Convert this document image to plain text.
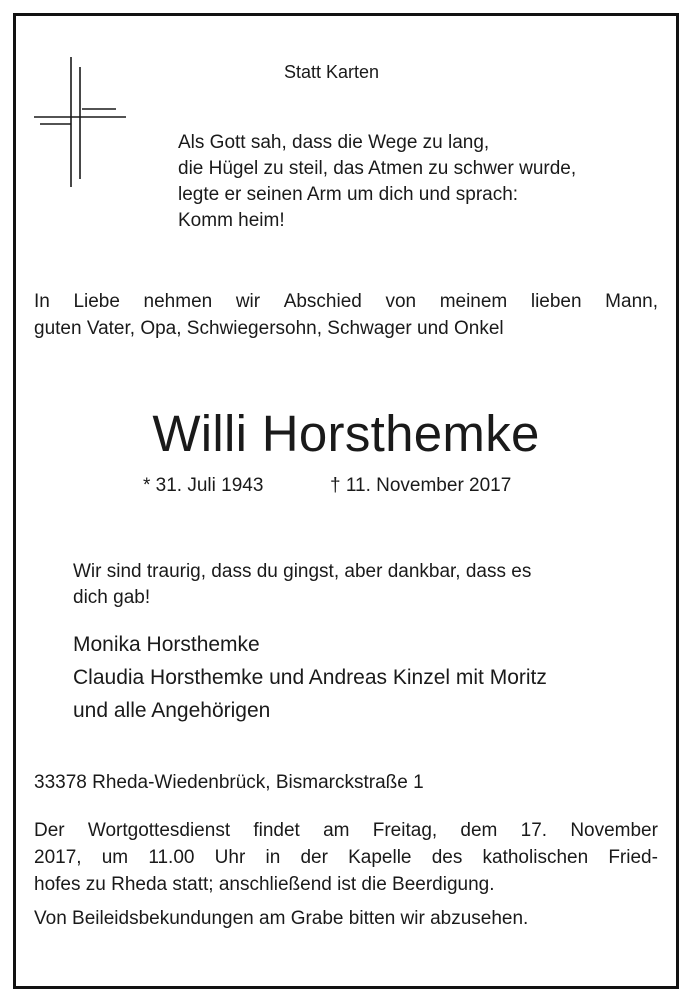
Statt Karten
Als Gott sah, dass die Wege zu lang,
die Hügel zu steil, das Atmen zu schwer wurde,
legte er seinen Arm um dich und sprach:
Komm heim!
In Liebe nehmen wir Abschied von meinem lieben Mann,
guten Vater, Opa, Schwiegersohn, Schwager und Onkel
Willi Horsthemke
* 31. Juli 1943	† 11. November 2017
Wir sind traurig, dass du gingst, aber dankbar, dass es
dich gab!
Monika Horsthemke
Claudia Horsthemke und Andreas Kinzel mit Moritz
und alle Angehörigen
33378 Rheda-Wiedenbrück, Bismarckstraße 1
Der Wortgottesdienst findet am Freitag, dem 17. November
2017, um 11.00 Uhr in der Kapelle des katholischen Fried-
hofes zu Rheda statt; anschließend ist die Beerdigung.
Von Beileidsbekundungen am Grabe bitten wir abzusehen.
